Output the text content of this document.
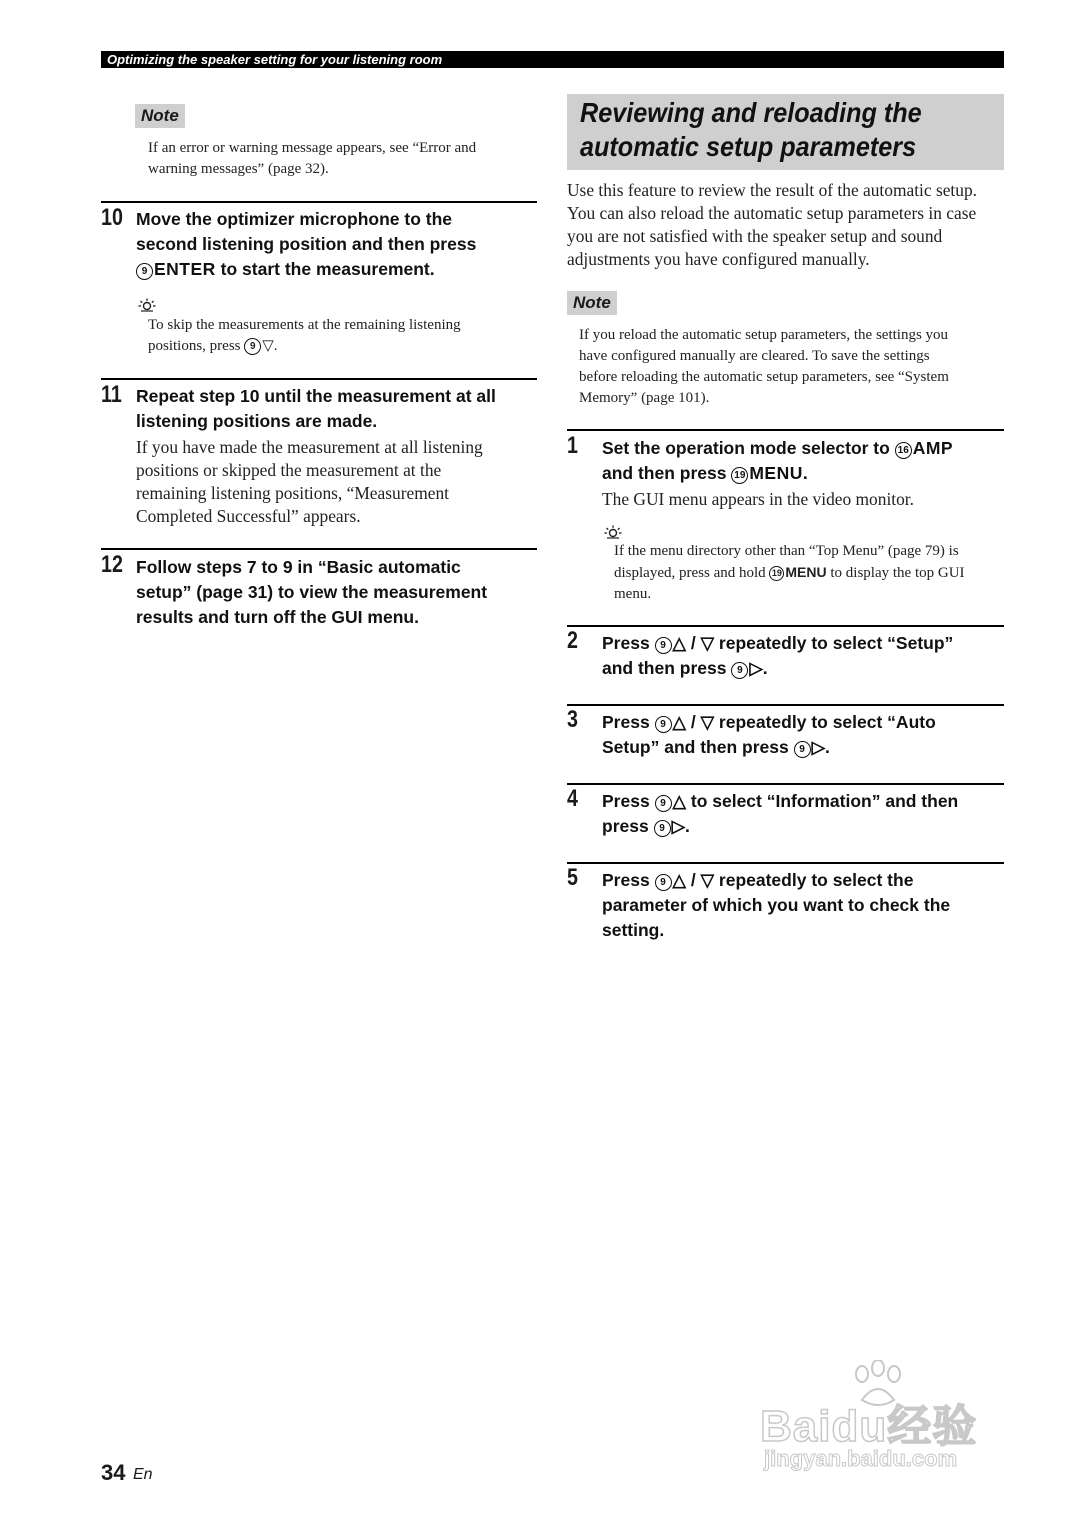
Optimizing the speaker setting for your listening room
Note
If an error or warning message appears, see “Error and
warning messages” (page 32).
10 Move the optimizer microphone to the
second listening position and then press
9 ENTER to start the measurement.
To skip the measurements at the remaining listening
positions, press 9 ▽.
11 Repeat step 10 until the measurement at all
listening positions are made.
If you have made the measurement at all listening
positions or skipped the measurement at the
remaining listening positions, “Measurement
Completed Successful” appears.
12 Follow steps 7 to 9 in “Basic automatic
setup” (page 31) to view the measurement
results and turn off the GUI menu.
Reviewing and reloading the
automatic setup parameters
Use this feature to review the result of the automatic setup.
You can also reload the automatic setup parameters in case
you are not satisfied with the speaker setup and sound
adjustments you have configured manually.
Note
If you reload the automatic setup parameters, the settings you
have configured manually are cleared. To save the settings
before reloading the automatic setup parameters, see “System
Memory” (page 101).
1 Set the operation mode selector to 16 AMP
and then press 19 MENU.
The GUI menu appears in the video monitor.
If the menu directory other than “Top Menu” (page 79) is
displayed, press and hold 19 MENU to display the top GUI
menu.
2 Press 9 △ / ▽ repeatedly to select “Setup”
and then press 9 ▷.
3 Press 9 △ / ▽ repeatedly to select “Auto
Setup” and then press 9 ▷.
4 Press 9 △ to select “Information” and then
press 9 ▷.
5 Press 9 △ / ▽ repeatedly to select the
parameter of which you want to check the
setting.
34 En
Baidu经验
jingyan.baidu.com
